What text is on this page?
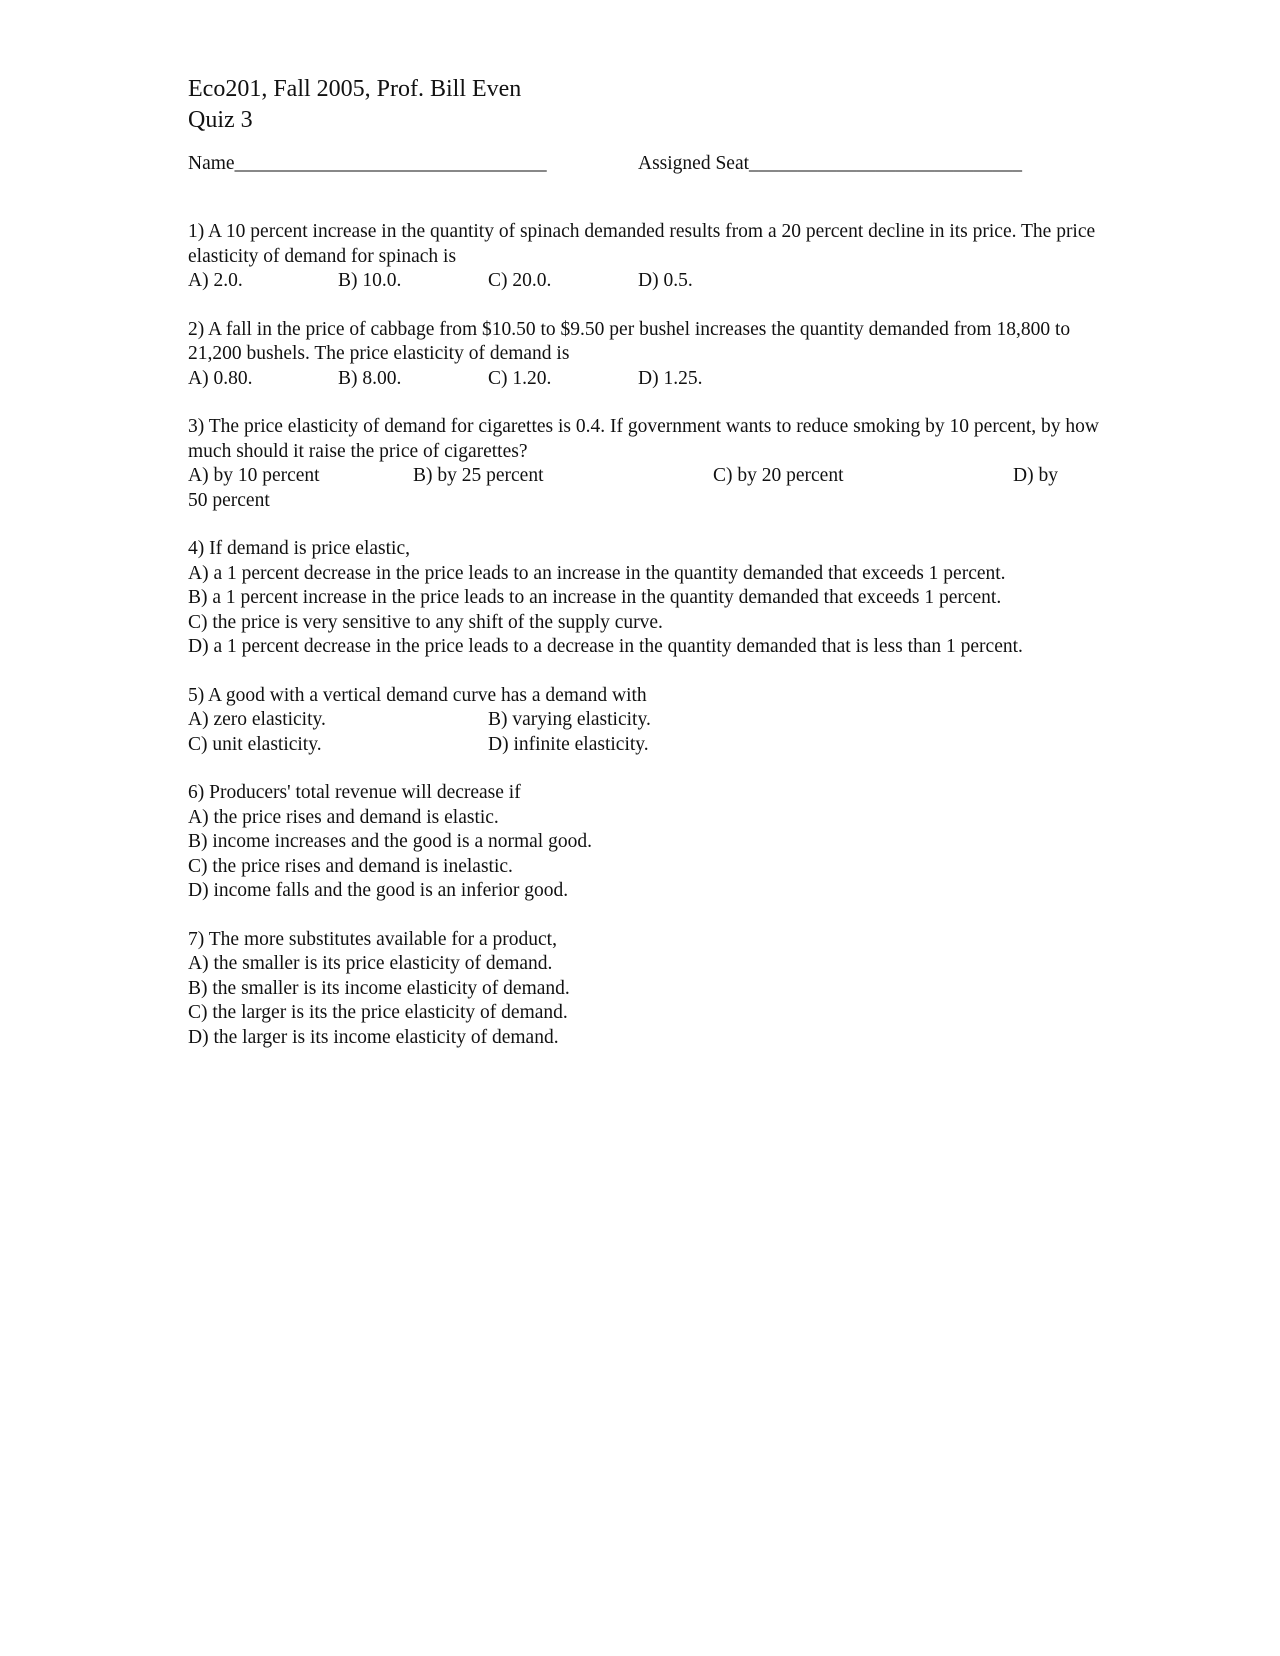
Eco201, Fall 2005, Prof. Bill Even

Quiz 3

Name________________________________	Assigned Seat____________________________

1) A 10 percent increase in the quantity of spinach demanded results from a 20 percent decline in its price. The price elasticity of demand for spinach is

A) 2.0.	B) 10.0.	C) 20.0.	D) 0.5.

2) A fall in the price of cabbage from $10.50 to $9.50 per bushel increases the quantity demanded from 18,800 to 21,200 bushels. The price elasticity of demand is

A) 0.80.	B) 8.00.	C) 1.20.	D) 1.25.

3) The price elasticity of demand for cigarettes is 0.4. If government wants to reduce smoking by 10 percent, by how much should it raise the price of cigarettes?

A) by 10 percent	B) by 25 percent	C) by 20 percent	D) by
50 percent

4) If demand is price elastic,

A) a 1 percent decrease in the price leads to an increase in the quantity demanded that exceeds 1 percent.
B) a 1 percent increase in the price leads to an increase in the quantity demanded that exceeds 1 percent.
C) the price is very sensitive to any shift of the supply curve.
D) a 1 percent decrease in the price leads to a decrease in the quantity demanded that is less than 1 percent.

5) A good with a vertical demand curve has a demand with

A) zero elasticity.	B) varying elasticity.
C) unit elasticity.	D) infinite elasticity.

6) Producers' total revenue will decrease if

A) the price rises and demand is elastic.
B) income increases and the good is a normal good.
C) the price rises and demand is inelastic.
D) income falls and the good is an inferior good.

7) The more substitutes available for a product,

A) the smaller is its price elasticity of demand.
B) the smaller is its income elasticity of demand.
C) the larger is its the price elasticity of demand.
D) the larger is its income elasticity of demand.
